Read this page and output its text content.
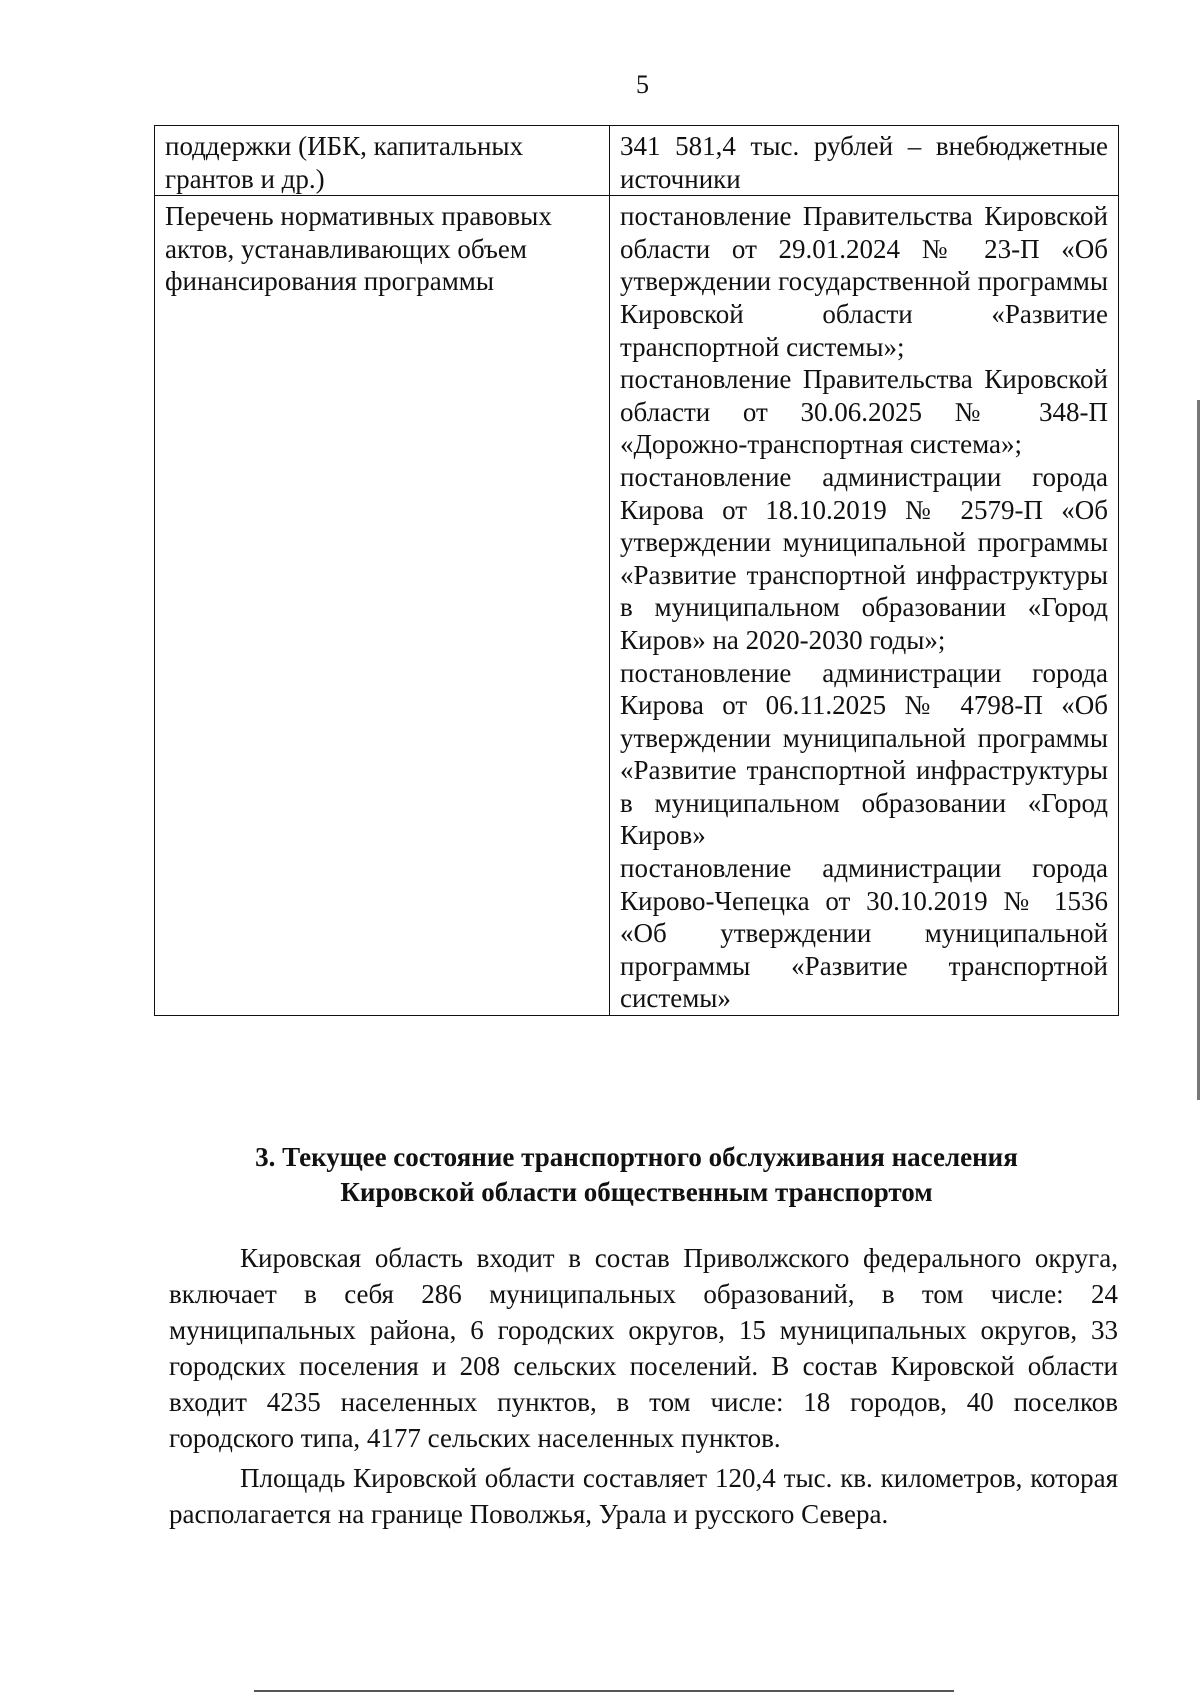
5
поддержки (ИБК, капитальных грантов и др.)	341 581,4 тыс. рублей – внебюджетные источники

Перечень нормативных правовых актов, устанавливающих объем финансирования программы	постановление Правительства Кировской области от 29.01.2024 № 23-П «Об утверждении государственной программы Кировской области «Развитие транспортной системы»;
постановление Правительства Кировской области от 30.06.2025 № 348-П «Дорожно-транспортная система»;
постановление администрации города Кирова от 18.10.2019 № 2579-П «Об утверждении муниципальной программы «Развитие транспортной инфраструктуры в муниципальном образовании «Город Киров» на 2020-2030 годы»;
постановление администрации города Кирова от 06.11.2025 № 4798-П «Об утверждении муниципальной программы «Развитие транспортной инфраструктуры в муниципальном образовании «Город Киров»
постановление администрации города Кирово-Чепецка от 30.10.2019 № 1536 «Об утверждении муниципальной программы «Развитие транспортной системы»
3. Текущее состояние транспортного обслуживания населения
Кировской области общественным транспортом

Кировская область входит в состав Приволжского федерального округа, включает в себя 286 муниципальных образований, в том числе: 24 муниципальных района, 6 городских округов, 15 муниципальных округов, 33 городских поселения и 208 сельских поселений. В состав Кировской области входит 4235 населенных пунктов, в том числе: 18 городов, 40 поселков городского типа, 4177 сельских населенных пунктов.

Площадь Кировской области составляет 120,4 тыс. кв. километров, которая располагается на границе Поволжья, Урала и русского Севера.
